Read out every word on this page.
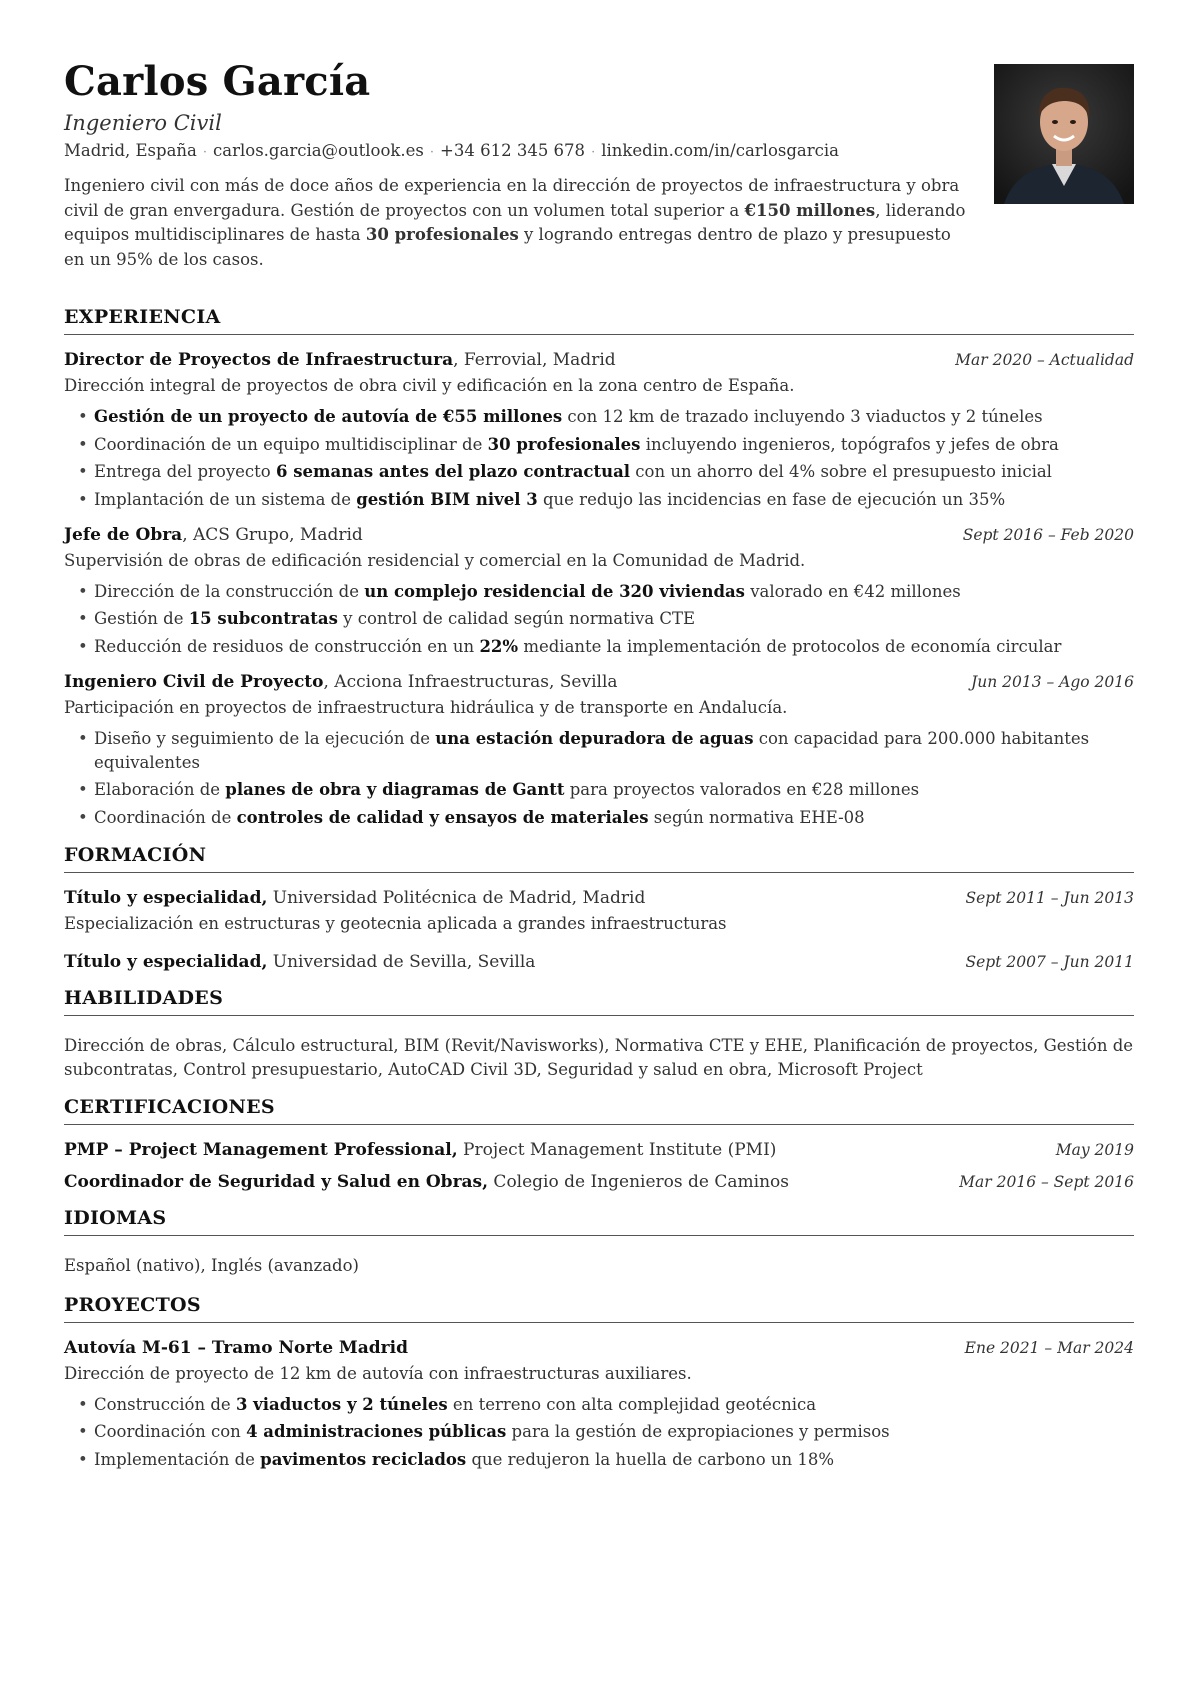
Carlos García
Ingeniero Civil
Madrid, España · carlos.garcia@outlook.es · +34 612 345 678 · linkedin.com/in/carlosgarcia
Ingeniero civil con más de doce años de experiencia en la dirección de proyectos de infraestructura y obra civil de gran envergadura. Gestión de proyectos con un volumen total superior a €150 millones, liderando equipos multidisciplinares de hasta 30 profesionales y logrando entregas dentro de plazo y presupuesto en un 95% de los casos.
EXPERIENCIA
Director de Proyectos de Infraestructura, Ferrovial, Madrid	Mar 2020 – Actualidad
Dirección integral de proyectos de obra civil y edificación en la zona centro de España.
• Gestión de un proyecto de autovía de €55 millones con 12 km de trazado incluyendo 3 viaductos y 2 túneles
• Coordinación de un equipo multidisciplinar de 30 profesionales incluyendo ingenieros, topógrafos y jefes de obra
• Entrega del proyecto 6 semanas antes del plazo contractual con un ahorro del 4% sobre el presupuesto inicial
• Implantación de un sistema de gestión BIM nivel 3 que redujo las incidencias en fase de ejecución un 35%
Jefe de Obra, ACS Grupo, Madrid	Sept 2016 – Feb 2020
Supervisión de obras de edificación residencial y comercial en la Comunidad de Madrid.
• Dirección de la construcción de un complejo residencial de 320 viviendas valorado en €42 millones
• Gestión de 15 subcontratas y control de calidad según normativa CTE
• Reducción de residuos de construcción en un 22% mediante la implementación de protocolos de economía circular
Ingeniero Civil de Proyecto, Acciona Infraestructuras, Sevilla	Jun 2013 – Ago 2016
Participación en proyectos de infraestructura hidráulica y de transporte en Andalucía.
• Diseño y seguimiento de la ejecución de una estación depuradora de aguas con capacidad para 200.000 habitantes equivalentes
• Elaboración de planes de obra y diagramas de Gantt para proyectos valorados en €28 millones
• Coordinación de controles de calidad y ensayos de materiales según normativa EHE-08
FORMACIÓN
Título y especialidad, Universidad Politécnica de Madrid, Madrid	Sept 2011 – Jun 2013
Especialización en estructuras y geotecnia aplicada a grandes infraestructuras
Título y especialidad, Universidad de Sevilla, Sevilla	Sept 2007 – Jun 2011
HABILIDADES
Dirección de obras, Cálculo estructural, BIM (Revit/Navisworks), Normativa CTE y EHE, Planificación de proyectos, Gestión de subcontratas, Control presupuestario, AutoCAD Civil 3D, Seguridad y salud en obra, Microsoft Project
CERTIFICACIONES
PMP – Project Management Professional, Project Management Institute (PMI)	May 2019
Coordinador de Seguridad y Salud en Obras, Colegio de Ingenieros de Caminos	Mar 2016 – Sept 2016
IDIOMAS
Español (nativo), Inglés (avanzado)
PROYECTOS
Autovía M-61 – Tramo Norte Madrid	Ene 2021 – Mar 2024
Dirección de proyecto de 12 km de autovía con infraestructuras auxiliares.
• Construcción de 3 viaductos y 2 túneles en terreno con alta complejidad geotécnica
• Coordinación con 4 administraciones públicas para la gestión de expropiaciones y permisos
• Implementación de pavimentos reciclados que redujeron la huella de carbono un 18%
